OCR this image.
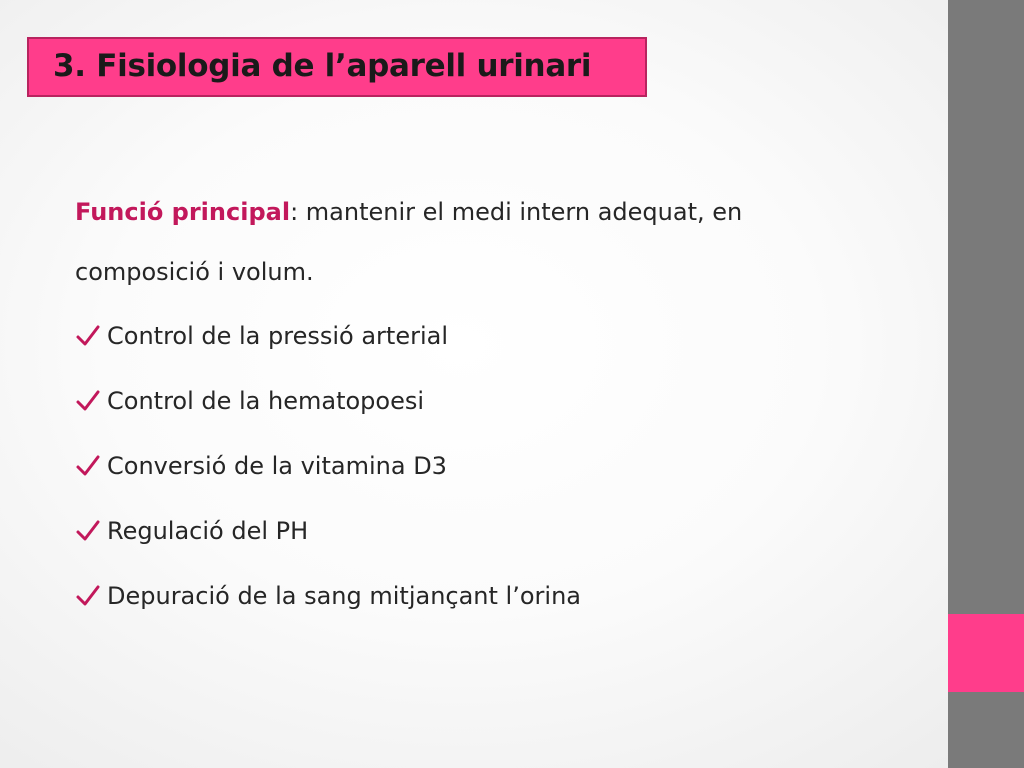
3. Fisiologia de l’aparell urinari
Funció principal: mantenir el medi intern adequat, en
composició i volum.
Control de la pressió arterial
Control de la hematopoesi
Conversió de la vitamina D3
Regulació del PH
Depuració de la sang mitjançant l’orina
